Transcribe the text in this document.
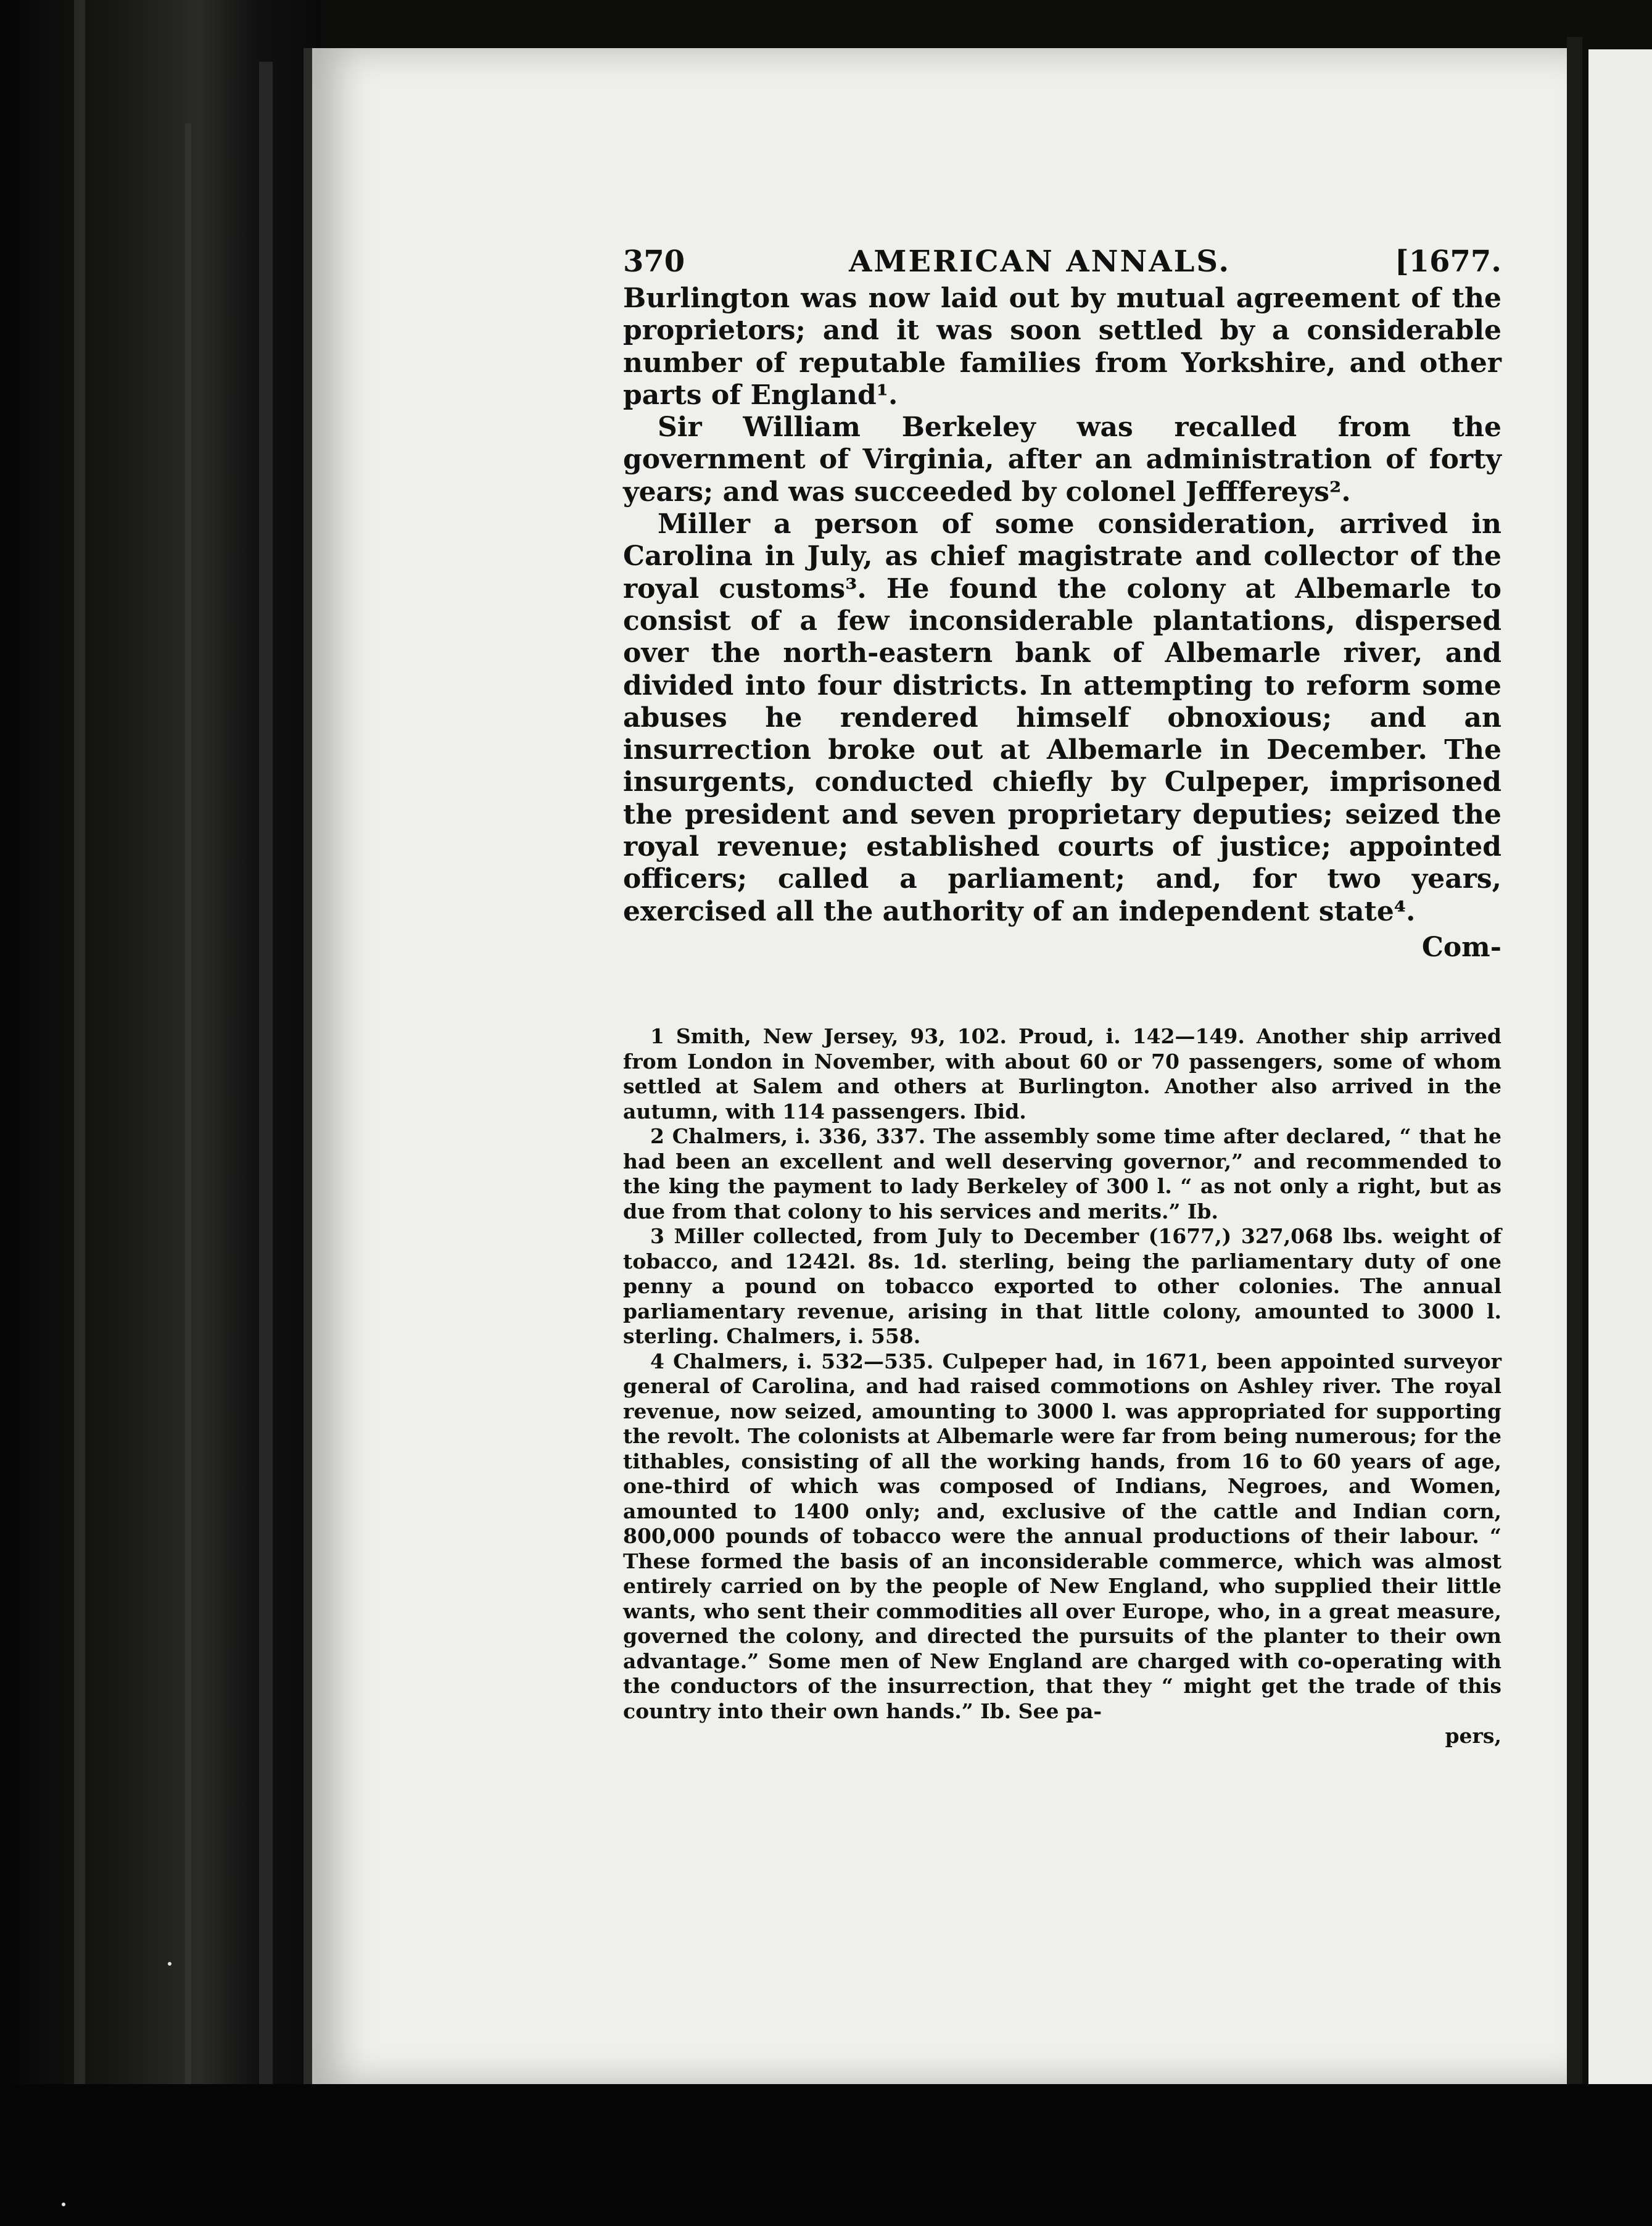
370	AMERICAN ANNALS.	[1677.

Burlington was now laid out by mutual agreement of the proprietors; and it was soon settled by a considerable number of reputable families from Yorkshire, and other parts of England¹.

Sir William Berkeley was recalled from the government of Virginia, after an administration of forty years; and was succeeded by colonel Jefffereys².

Miller a person of some consideration, arrived in Carolina in July, as chief magistrate and collector of the royal customs³. He found the colony at Albemarle to consist of a few inconsiderable plantations, dispersed over the north-eastern bank of Albemarle river, and divided into four districts. In attempting to reform some abuses he rendered himself obnoxious; and an insurrection broke out at Albemarle in December. The insurgents, conducted chiefly by Culpeper, imprisoned the president and seven proprietary deputies; seized the royal revenue; established courts of justice; appointed officers; called a parliament; and, for two years, exercised all the authority of an independent state⁴.

Com-

1 Smith, New Jersey, 93, 102. Proud, i. 142—149. Another ship arrived from London in November, with about 60 or 70 passengers, some of whom settled at Salem and others at Burlington. Another also arrived in the autumn, with 114 passengers. Ibid.

2 Chalmers, i. 336, 337. The assembly some time after declared, “ that he had been an excellent and well deserving governor,” and recommended to the king the payment to lady Berkeley of 300 l. “ as not only a right, but as due from that colony to his services and merits.” Ib.

3 Miller collected, from July to December (1677,) 327,068 lbs. weight of tobacco, and 1242l. 8s. 1d. sterling, being the parliamentary duty of one penny a pound on tobacco exported to other colonies. The annual parliamentary revenue, arising in that little colony, amounted to 3000 l. sterling. Chalmers, i. 558.

4 Chalmers, i. 532—535. Culpeper had, in 1671, been appointed surveyor general of Carolina, and had raised commotions on Ashley river. The royal revenue, now seized, amounting to 3000 l. was appropriated for supporting the revolt. The colonists at Albemarle were far from being numerous; for the tithables, consisting of all the working hands, from 16 to 60 years of age, one-third of which was composed of Indians, Negroes, and Women, amounted to 1400 only; and, exclusive of the cattle and Indian corn, 800,000 pounds of tobacco were the annual productions of their labour. “ These formed the basis of an inconsiderable commerce, which was almost entirely carried on by the people of New England, who supplied their little wants, who sent their commodities all over Europe, who, in a great measure, governed the colony, and directed the pursuits of the planter to their own advantage.” Some men of New England are charged with co-operating with the conductors of the insurrection, that they “ might get the trade of this country into their own hands.” Ib. See pa-

pers,
